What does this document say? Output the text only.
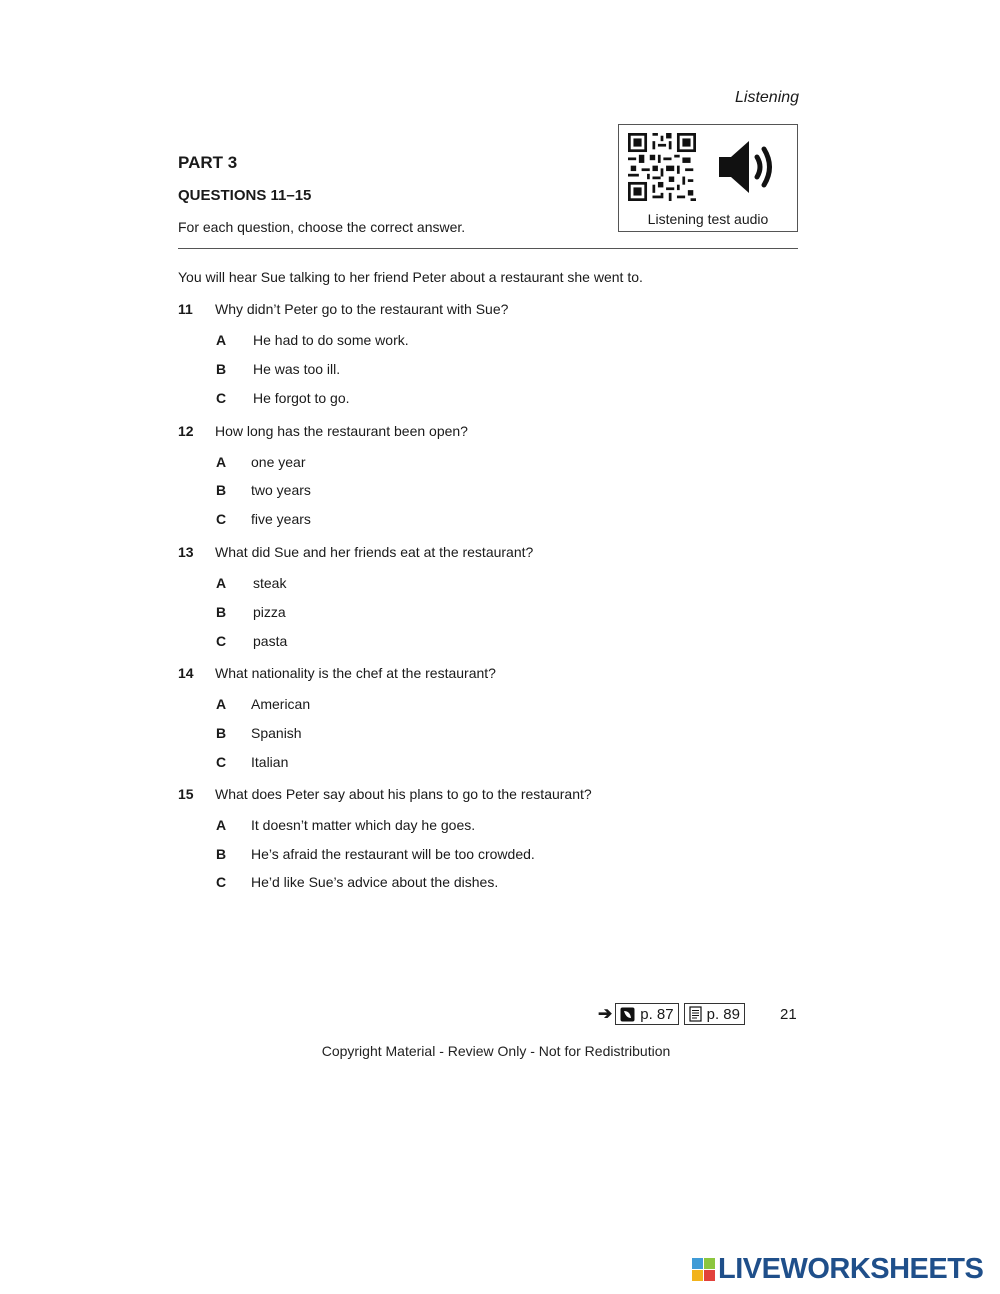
Listening
PART 3
QUESTIONS 11–15
For each question, choose the correct answer.	Listening test audio
You will hear Sue talking to her friend Peter about a restaurant she went to.
11 Why didn’t Peter go to the restaurant with Sue?
A He had to do some work.
B He was too ill.
C He forgot to go.
12 How long has the restaurant been open?
A one year
B two years
C five years
13 What did Sue and her friends eat at the restaurant?
A steak
B pizza
C pasta
14 What nationality is the chef at the restaurant?
A American
B Spanish
C Italian
15 What does Peter say about his plans to go to the restaurant?
A It doesn’t matter which day he goes.
B He’s afraid the restaurant will be too crowded.
C He’d like Sue’s advice about the dishes.
➔ p. 87 p. 89	21
Copyright Material - Review Only - Not for Redistribution
LIVEWORKSHEETS
